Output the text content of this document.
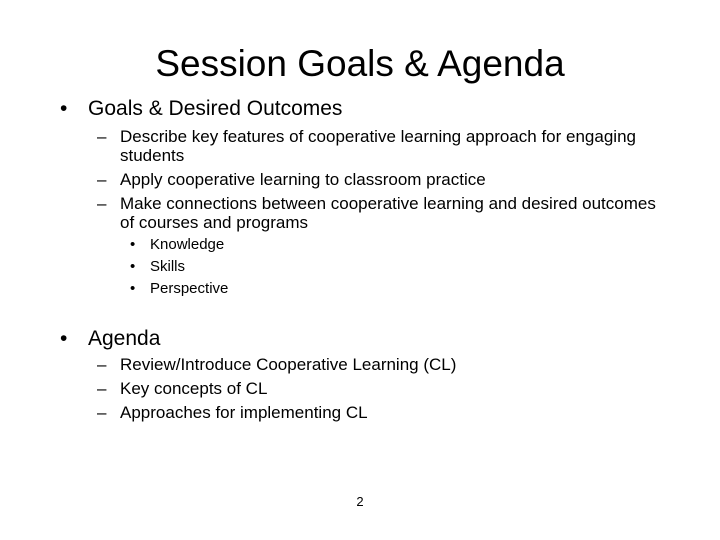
Session Goals & Agenda
• Goals & Desired Outcomes
– Describe key features of cooperative learning approach for engaging students
– Apply cooperative learning to classroom practice
– Make connections between cooperative learning and desired outcomes of courses and programs
• Knowledge
• Skills
• Perspective
• Agenda
– Review/Introduce Cooperative Learning (CL)
– Key concepts of CL
– Approaches for implementing CL
2
